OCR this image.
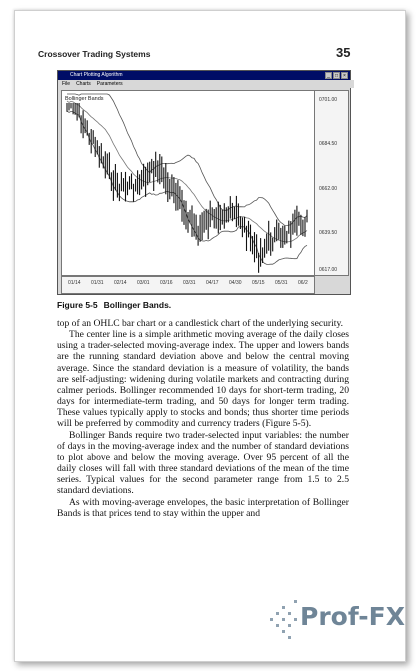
Crossover Trading Systems	35
Chart Plotting Algorithm	_	□	×
File Charts Parameters
Bollinger Bands	0701.00
0684.50
0662.00
0639.50
0617.00
01/14 01/31 02/14 03/01 03/16 03/31 04/17 04/30 05/15 05/31 06/2
Figure 5-5 Bollinger Bands.

top of an OHLC bar chart or a candlestick chart of the underlying security.

The center line is a simple arithmetic moving average of the daily closes using a trader-selected moving-average index. The upper and lowers bands are the running standard deviation above and below the central moving average. Since the standard deviation is a measure of volatility, the bands are self-adjusting: widening during volatile markets and contracting during calmer periods. Bollinger recommended 10 days for short-term trading, 20 days for intermediate-term trading, and 50 days for longer term trading. These values typically apply to stocks and bonds; thus shorter time periods will be preferred by commodity and currency traders (Figure 5-5).

Bollinger Bands require two trader-selected input variables: the number of days in the moving-average index and the number of standard deviations to plot above and below the moving average. Over 95 percent of all the daily closes will fall with three standard deviations of the mean of the time series. Typical values for the second parameter range from 1.5 to 2.5 standard deviations.

As with moving-average envelopes, the basic interpretation of Bollinger Bands is that prices tend to stay within the upper and

Prof-FX
